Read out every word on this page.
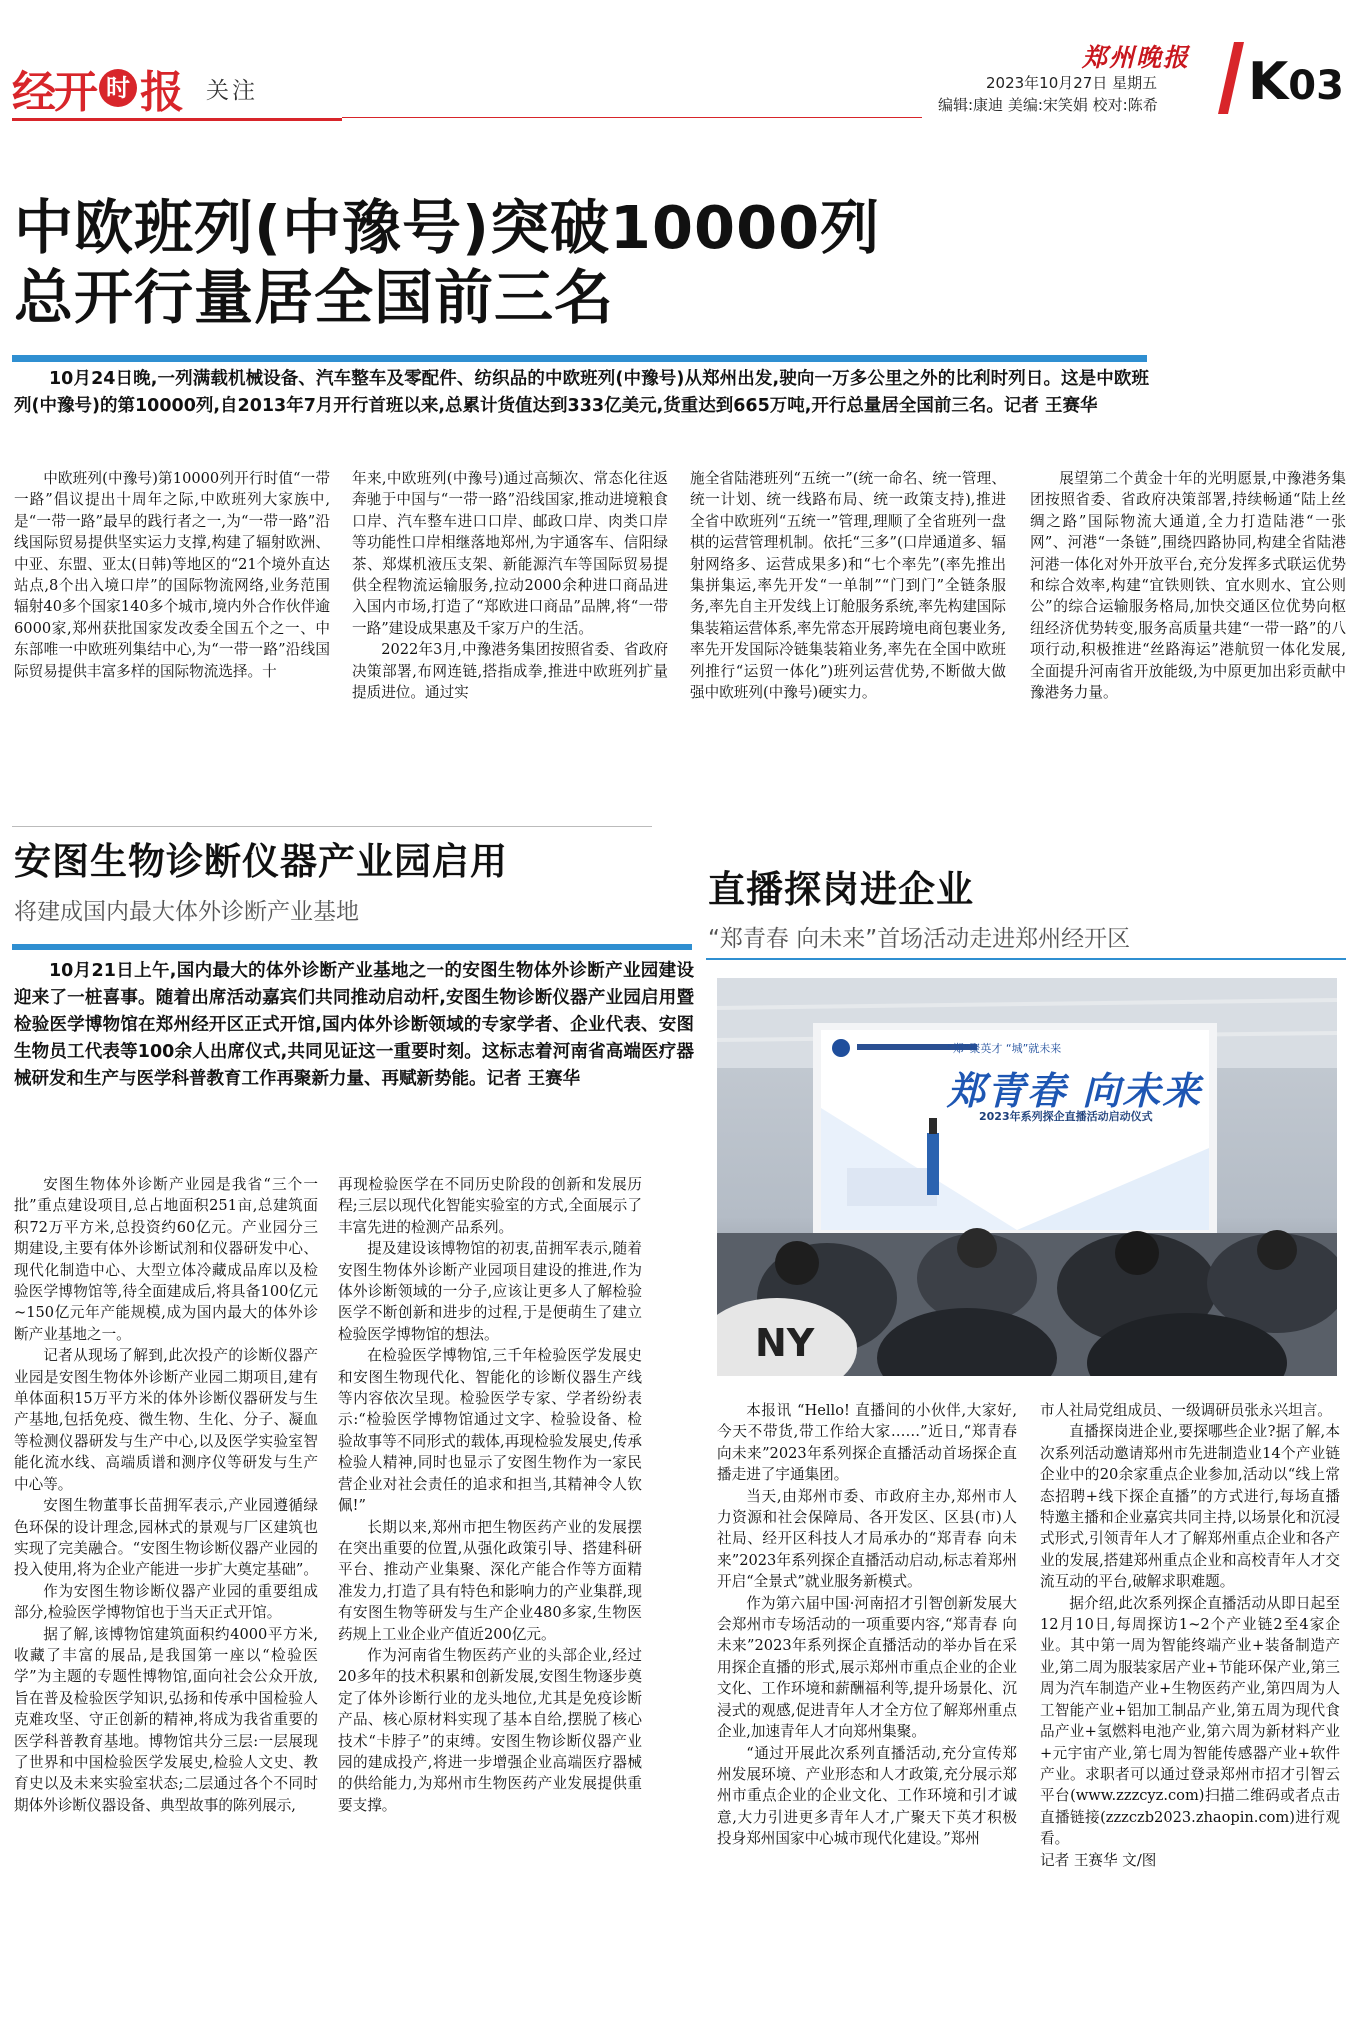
经开 时 报 关注
郑州晚报
2023年10月27日 星期五
编辑:康迪 美编:宋笑娟 校对:陈希 K03
中欧班列(中豫号)突破10000列
总开行量居全国前三名

10月24日晚,一列满载机械设备、汽车整车及零配件、纺织品的中欧班列(中豫号)从郑州出发,驶向一万多公里之外的比利时列日。这是中欧班列(中豫号)的第10000列,自2013年7月开行首班以来,总累计货值达到333亿美元,货重达到665万吨,开行总量居全国前三名。记者 王赛华

中欧班列(中豫号)第10000列开行时值“一带一路”倡议提出十周年之际,中欧班列大家族中,是“一带一路”最早的践行者之一,为“一带一路”沿线国际贸易提供坚实运力支撑,构建了辐射欧洲、中亚、东盟、亚太(日韩)等地区的“21个境外直达站点,8个出入境口岸”的国际物流网络,业务范围辐射40多个国家140多个城市,境内外合作伙伴逾6000家,郑州获批国家发改委全国五个之一、中东部唯一中欧班列集结中心,为“一带一路”沿线国际贸易提供丰富多样的国际物流选择。十

年来,中欧班列(中豫号)通过高频次、常态化往返奔驰于中国与“一带一路”沿线国家,推动进境粮食口岸、汽车整车进口口岸、邮政口岸、肉类口岸等功能性口岸相继落地郑州,为宇通客车、信阳绿茶、郑煤机液压支架、新能源汽车等国际贸易提供全程物流运输服务,拉动2000余种进口商品进入国内市场,打造了“郑欧进口商品”品牌,将“一带一路”建设成果惠及千家万户的生活。

2022年3月,中豫港务集团按照省委、省政府决策部署,布网连链,搭指成拳,推进中欧班列扩量提质进位。通过实

施全省陆港班列“五统一”(统一命名、统一管理、统一计划、统一线路布局、统一政策支持),推进全省中欧班列“五统一”管理,理顺了全省班列一盘棋的运营管理机制。依托“三多”(口岸通道多、辐射网络多、运营成果多)和“七个率先”(率先推出集拼集运,率先开发“一单制”“门到门”全链条服务,率先自主开发线上订舱服务系统,率先构建国际集装箱运营体系,率先常态开展跨境电商包裹业务,率先开发国际冷链集装箱业务,率先在全国中欧班列推行“运贸一体化”)班列运营优势,不断做大做强中欧班列(中豫号)硬实力。

展望第二个黄金十年的光明愿景,中豫港务集团按照省委、省政府决策部署,持续畅通“陆上丝绸之路”国际物流大通道,全力打造陆港“一张网”、河港“一条链”,围绕四路协同,构建全省陆港河港一体化对外开放平台,充分发挥多式联运优势和综合效率,构建“宜铁则铁、宜水则水、宜公则公”的综合运输服务格局,加快交通区位优势向枢纽经济优势转变,服务高质量共建“一带一路”的八项行动,积极推进“丝路海运”港航贸一体化发展,全面提升河南省开放能级,为中原更加出彩贡献中豫港务力量。

安图生物诊断仪器产业园启用
将建成国内最大体外诊断产业基地

10月21日上午,国内最大的体外诊断产业基地之一的安图生物体外诊断产业园建设迎来了一桩喜事。随着出席活动嘉宾们共同推动启动杆,安图生物诊断仪器产业园启用暨检验医学博物馆在郑州经开区正式开馆,国内体外诊断领域的专家学者、企业代表、安图生物员工代表等100余人出席仪式,共同见证这一重要时刻。这标志着河南省高端医疗器械研发和生产与医学科普教育工作再聚新力量、再赋新势能。记者 王赛华

安图生物体外诊断产业园是我省“三个一批”重点建设项目,总占地面积251亩,总建筑面积72万平方米,总投资约60亿元。产业园分三期建设,主要有体外诊断试剂和仪器研发中心、现代化制造中心、大型立体冷藏成品库以及检验医学博物馆等,待全面建成后,将具备100亿元~150亿元年产能规模,成为国内最大的体外诊断产业基地之一。

记者从现场了解到,此次投产的诊断仪器产业园是安图生物体外诊断产业园二期项目,建有单体面积15万平方米的体外诊断仪器研发与生产基地,包括免疫、微生物、生化、分子、凝血等检测仪器研发与生产中心,以及医学实验室智能化流水线、高端质谱和测序仪等研发与生产中心等。

安图生物董事长苗拥军表示,产业园遵循绿色环保的设计理念,园林式的景观与厂区建筑也实现了完美融合。“安图生物诊断仪器产业园的投入使用,将为企业产能进一步扩大奠定基础”。

作为安图生物诊断仪器产业园的重要组成部分,检验医学博物馆也于当天正式开馆。

据了解,该博物馆建筑面积约4000平方米,收藏了丰富的展品,是我国第一座以“检验医学”为主题的专题性博物馆,面向社会公众开放,旨在普及检验医学知识,弘扬和传承中国检验人克难攻坚、守正创新的精神,将成为我省重要的医学科普教育基地。博物馆共分三层:一层展现了世界和中国检验医学发展史,检验人文史、教育史以及未来实验室状态;二层通过各个不同时期体外诊断仪器设备、典型故事的陈列展示,

再现检验医学在不同历史阶段的创新和发展历程;三层以现代化智能实验室的方式,全面展示了丰富先进的检测产品系列。

提及建设该博物馆的初衷,苗拥军表示,随着安图生物体外诊断产业园项目建设的推进,作为体外诊断领域的一分子,应该让更多人了解检验医学不断创新和进步的过程,于是便萌生了建立检验医学博物馆的想法。

在检验医学博物馆,三千年检验医学发展史和安图生物现代化、智能化的诊断仪器生产线等内容依次呈现。检验医学专家、学者纷纷表示:“检验医学博物馆通过文字、检验设备、检验故事等不同形式的载体,再现检验发展史,传承检验人精神,同时也显示了安图生物作为一家民营企业对社会责任的追求和担当,其精神令人钦佩!”

长期以来,郑州市把生物医药产业的发展摆在突出重要的位置,从强化政策引导、搭建科研平台、推动产业集聚、深化产能合作等方面精准发力,打造了具有特色和影响力的产业集群,现有安图生物等研发与生产企业480多家,生物医药规上工业企业产值近200亿元。

作为河南省生物医药产业的头部企业,经过20多年的技术积累和创新发展,安图生物逐步奠定了体外诊断行业的龙头地位,尤其是免疫诊断产品、核心原材料实现了基本自给,摆脱了核心技术“卡脖子”的束缚。安图生物诊断仪器产业园的建成投产,将进一步增强企业高端医疗器械的供给能力,为郑州市生物医药产业发展提供重要支撑。

直播探岗进企业
“郑青春 向未来”首场活动走进郑州经开区
“郑”聚英才 “城”就未来
郑青春 向未来
2023年系列探企直播活动启动仪式
NY

本报讯 “Hello! 直播间的小伙伴,大家好,今天不带货,带工作给大家……”近日,“郑青春 向未来”2023年系列探企直播活动首场探企直播走进了宇通集团。

当天,由郑州市委、市政府主办,郑州市人力资源和社会保障局、各开发区、区县(市)人社局、经开区科技人才局承办的“郑青春 向未来”2023年系列探企直播活动启动,标志着郑州开启“全景式”就业服务新模式。

作为第六届中国·河南招才引智创新发展大会郑州市专场活动的一项重要内容,“郑青春 向未来”2023年系列探企直播活动的举办旨在采用探企直播的形式,展示郑州市重点企业的企业文化、工作环境和薪酬福利等,提升场景化、沉浸式的观感,促进青年人才全方位了解郑州重点企业,加速青年人才向郑州集聚。

“通过开展此次系列直播活动,充分宣传郑州发展环境、产业形态和人才政策,充分展示郑州市重点企业的企业文化、工作环境和引才诚意,大力引进更多青年人才,广聚天下英才积极投身郑州国家中心城市现代化建设。”郑州

市人社局党组成员、一级调研员张永兴坦言。

直播探岗进企业,要探哪些企业?据了解,本次系列活动邀请郑州市先进制造业14个产业链企业中的20余家重点企业参加,活动以“线上常态招聘+线下探企直播”的方式进行,每场直播特邀主播和企业嘉宾共同主持,以场景化和沉浸式形式,引领青年人才了解郑州重点企业和各产业的发展,搭建郑州重点企业和高校青年人才交流互动的平台,破解求职难题。

据介绍,此次系列探企直播活动从即日起至12月10日,每周探访1~2个产业链2至4家企业。其中第一周为智能终端产业+装备制造产业,第二周为服装家居产业+节能环保产业,第三周为汽车制造产业+生物医药产业,第四周为人工智能产业+铝加工制品产业,第五周为现代食品产业+氢燃料电池产业,第六周为新材料产业+元宇宙产业,第七周为智能传感器产业+软件产业。求职者可以通过登录郑州市招才引智云平台(www.zzzcyz.com)扫描二维码或者点击直播链接(zzzczb2023.zhaopin.com)进行观看。

记者 王赛华 文/图
